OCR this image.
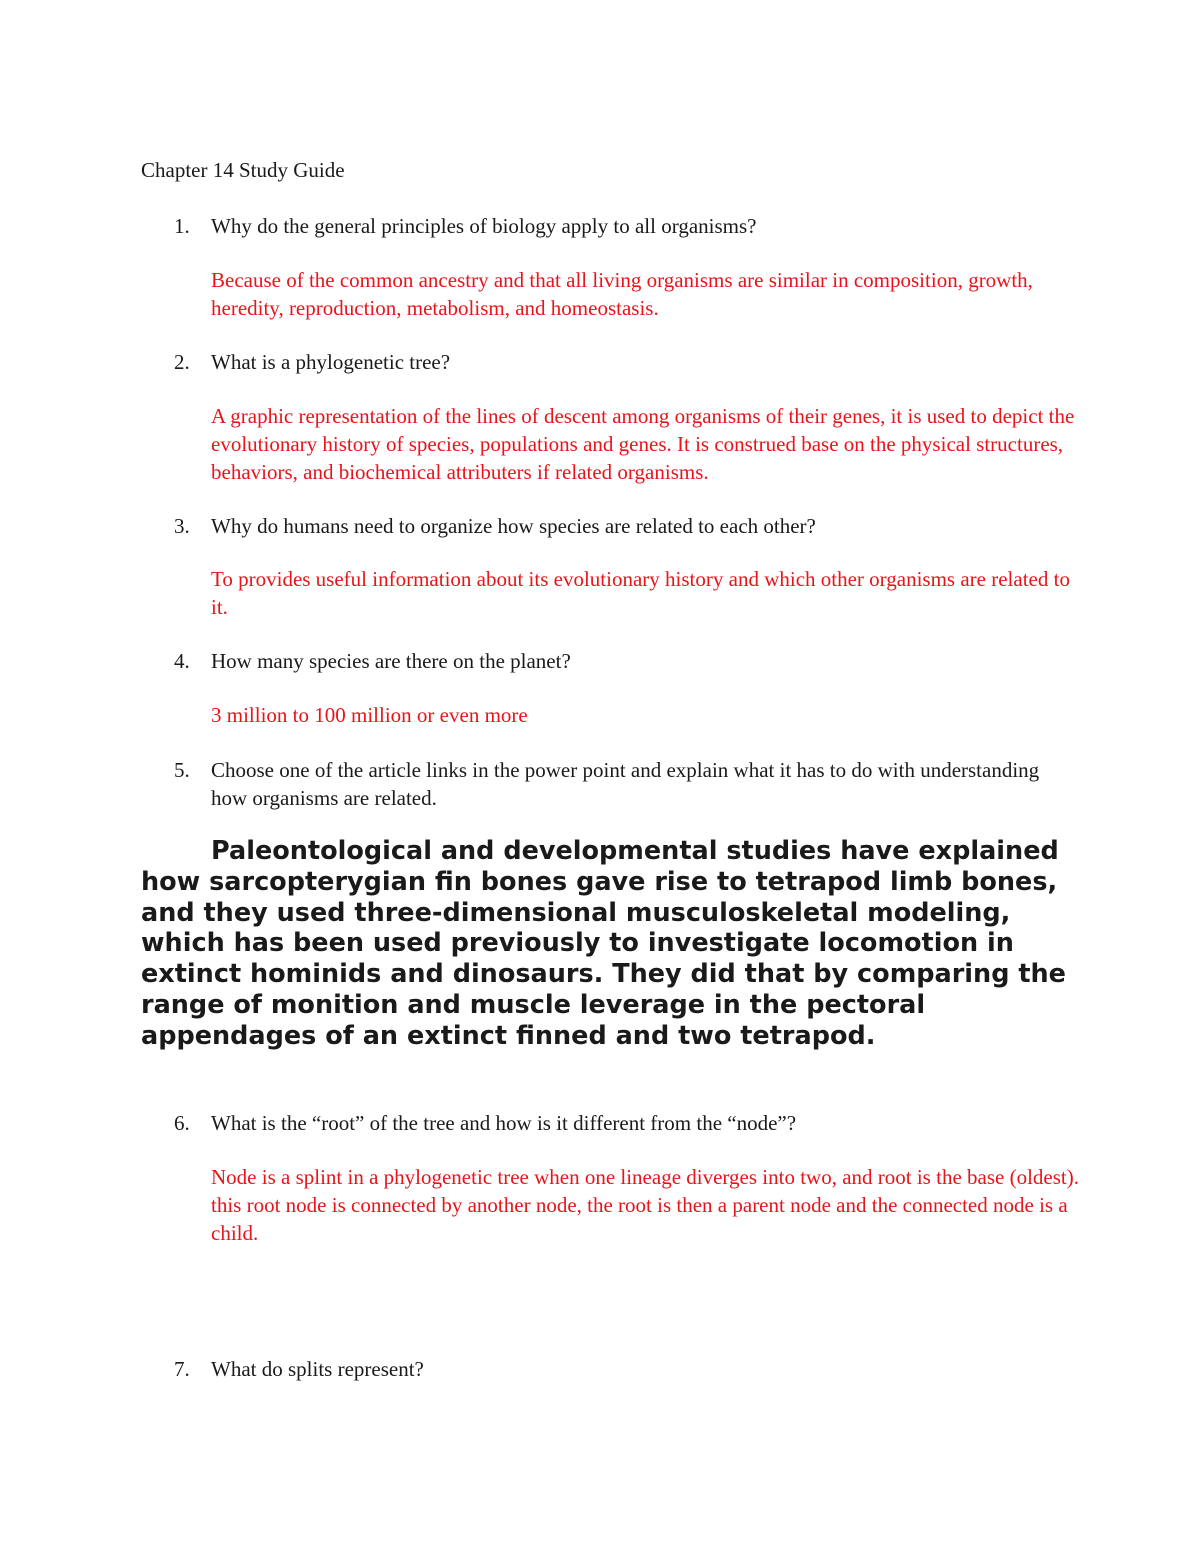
Chapter 14 Study Guide
1. Why do the general principles of biology apply to all organisms?
Because of the common ancestry and that all living organisms are similar in composition, growth, heredity, reproduction, metabolism, and homeostasis.
2. What is a phylogenetic tree?
A graphic representation of the lines of descent among organisms of their genes, it is used to depict the evolutionary history of species, populations and genes. It is construed base on the physical structures, behaviors, and biochemical attributers if related organisms.
3. Why do humans need to organize how species are related to each other?
To provides useful information about its evolutionary history and which other organisms are related to it.
4. How many species are there on the planet?
3 million to 100 million or even more
5. Choose one of the article links in the power point and explain what it has to do with understanding how organisms are related.

Paleontological and developmental studies have explained how sarcopterygian fin bones gave rise to tetrapod limb bones, and they used three-dimensional musculoskeletal modeling, which has been used previously to investigate locomotion in extinct hominids and dinosaurs. They did that by comparing the range of monition and muscle leverage in the pectoral appendages of an extinct finned and two tetrapod.

6. What is the “root” of the tree and how is it different from the “node”?
Node is a splint in a phylogenetic tree when one lineage diverges into two, and root is the base (oldest). this root node is connected by another node, the root is then a parent node and the connected node is a child.
7. What do splits represent?
